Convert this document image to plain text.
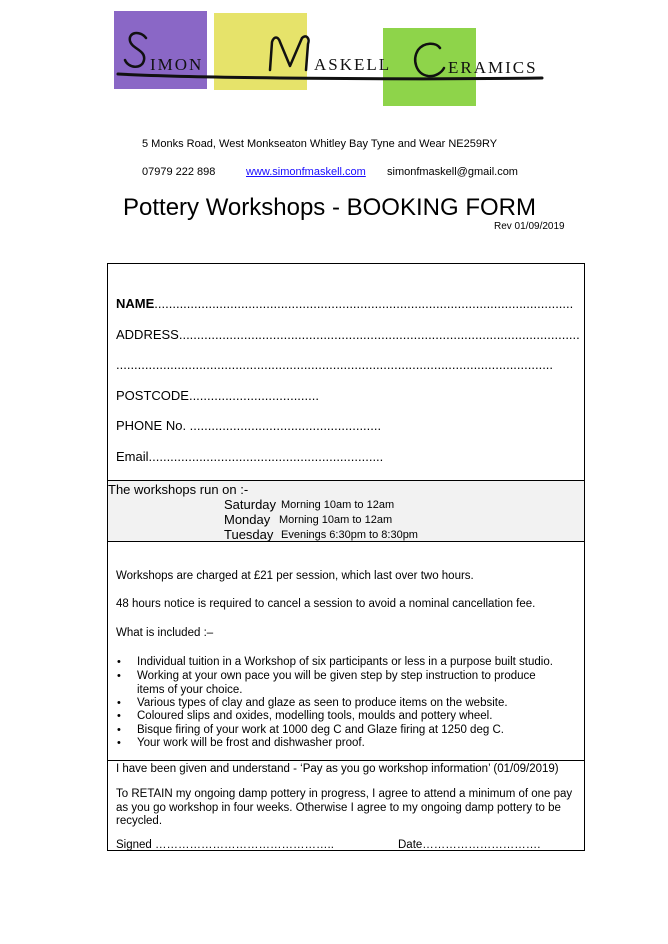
IMON	ASKELL	ERAMICS
5 Monks Road, West Monkseaton Whitley Bay Tyne and Wear NE259RY
07979 222 898	www.simonfmaskell.com simonfmaskell@gmail.com
Pottery Workshops - BOOKING FORM
Rev 01/09/2019
NAME....................................................................................................................
ADDRESS...............................................................................................................
.........................................................................................................................
POSTCODE....................................
PHONE No. .....................................................
Email.................................................................
The workshops run on :-
Saturday Morning 10am to 12am
Monday Morning 10am to 12am
Tuesday Evenings 6:30pm to 8:30pm
Workshops are charged at £21 per session, which last over two hours.
48 hours notice is required to cancel a session to avoid a nominal cancellation fee.
What is included :–
• Individual tuition in a Workshop of six participants or less in a purpose built studio.
• Working at your own pace you will be given step by step instruction to produce items of your choice.
• Various types of clay and glaze as seen to produce items on the website.
• Coloured slips and oxides, modelling tools, moulds and pottery wheel.
• Bisque firing of your work at 1000 deg C and Glaze firing at 1250 deg C.
• Your work will be frost and dishwasher proof.
I have been given and understand - ‘Pay as you go workshop information’ (01/09/2019)
To RETAIN my ongoing damp pottery in progress, I agree to attend a minimum of one pay as you go workshop in four weeks. Otherwise I agree to my ongoing damp pottery to be recycled.
Signed ………………………………………..	Date………………………….
